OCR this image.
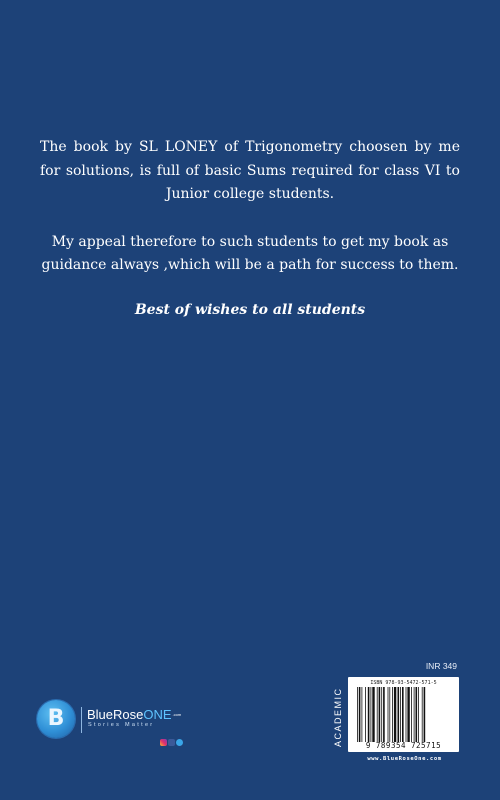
The book by SL LONEY of Trigonometry choosen by me for solutions, is full of basic Sums required for class VI to Junior college students.

My appeal therefore to such students to get my book as guidance always ,which will be a path for success to them.

Best of wishes to all students

B BlueRoseONE$^{.com}$
Stories Matter
INR 349
ACADEMIC
ISBN 978-93-5472-571-5
9 789354 725715
www.BlueRoseOne.com
